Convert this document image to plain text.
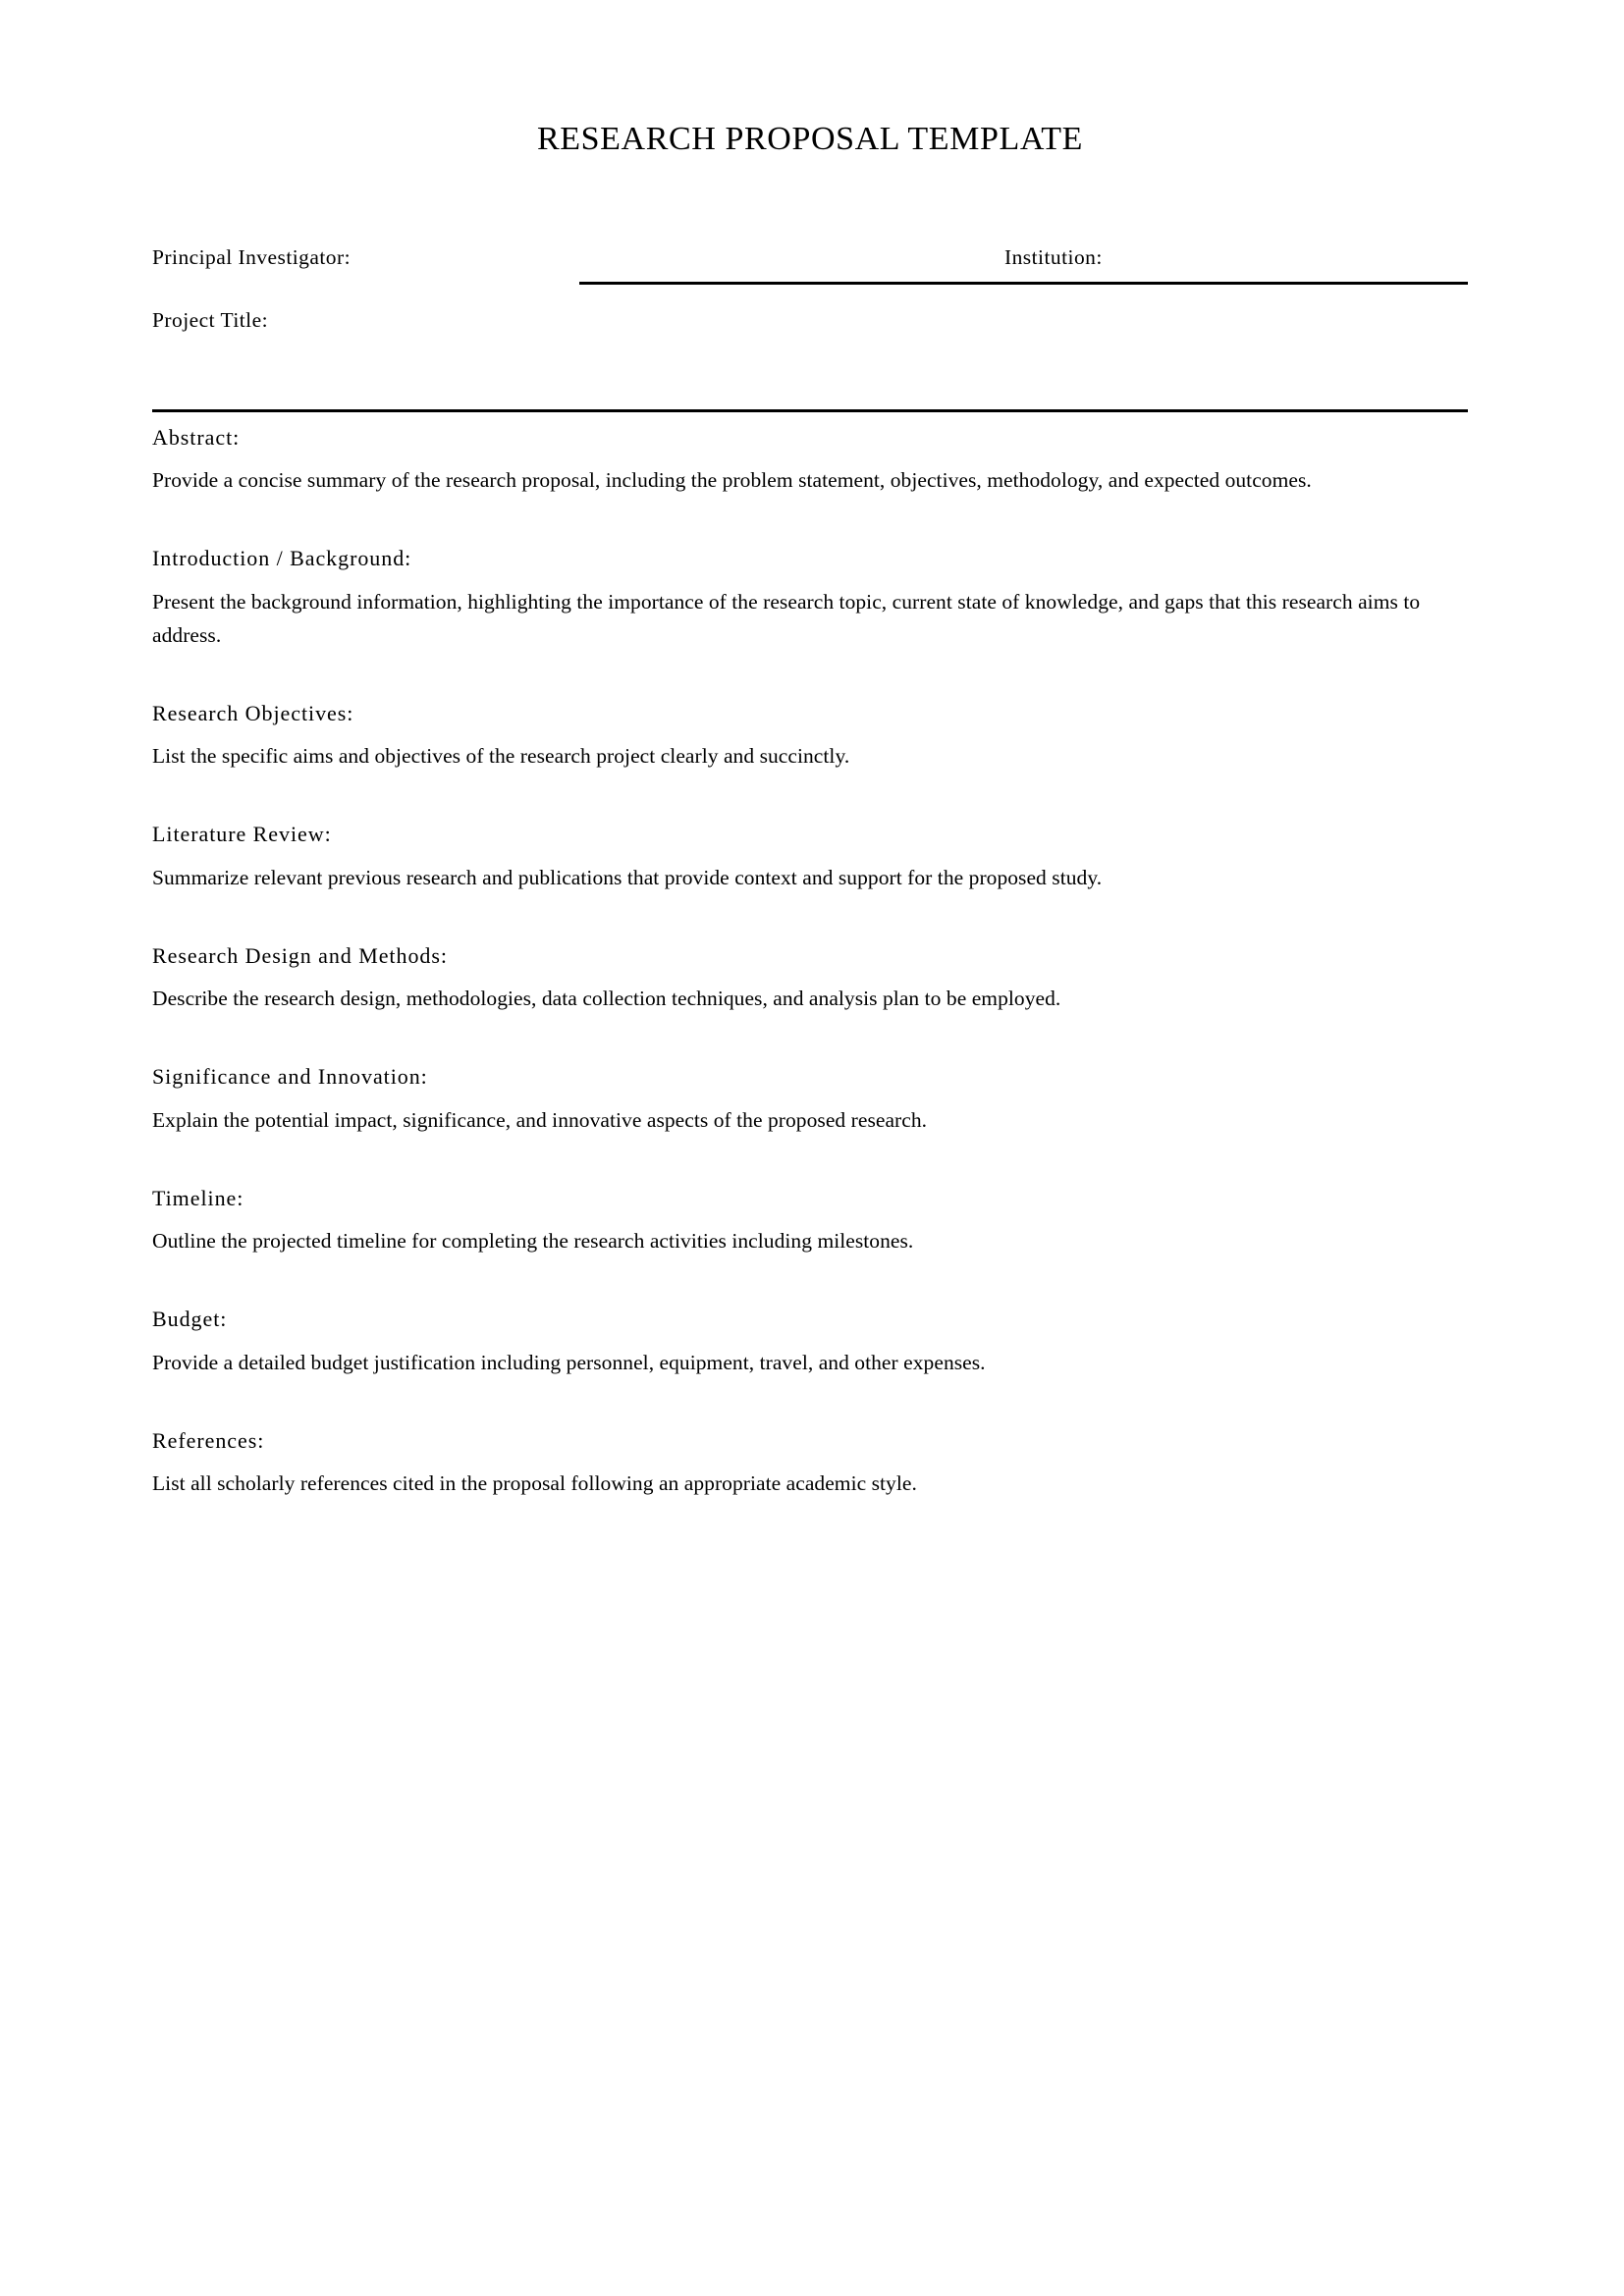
RESEARCH PROPOSAL TEMPLATE
Principal Investigator:	Institution:
Project Title:
Abstract:

Provide a concise summary of the research proposal, including the problem statement, objectives, methodology, and expected outcomes.

Introduction / Background:

Present the background information, highlighting the importance of the research topic, current state of knowledge, and gaps that this research aims to address.

Research Objectives:

List the specific aims and objectives of the research project clearly and succinctly.

Literature Review:

Summarize relevant previous research and publications that provide context and support for the proposed study.

Research Design and Methods:

Describe the research design, methodologies, data collection techniques, and analysis plan to be employed.

Significance and Innovation:

Explain the potential impact, significance, and innovative aspects of the proposed research.

Timeline:

Outline the projected timeline for completing the research activities including milestones.

Budget:

Provide a detailed budget justification including personnel, equipment, travel, and other expenses.

References:

List all scholarly references cited in the proposal following an appropriate academic style.
